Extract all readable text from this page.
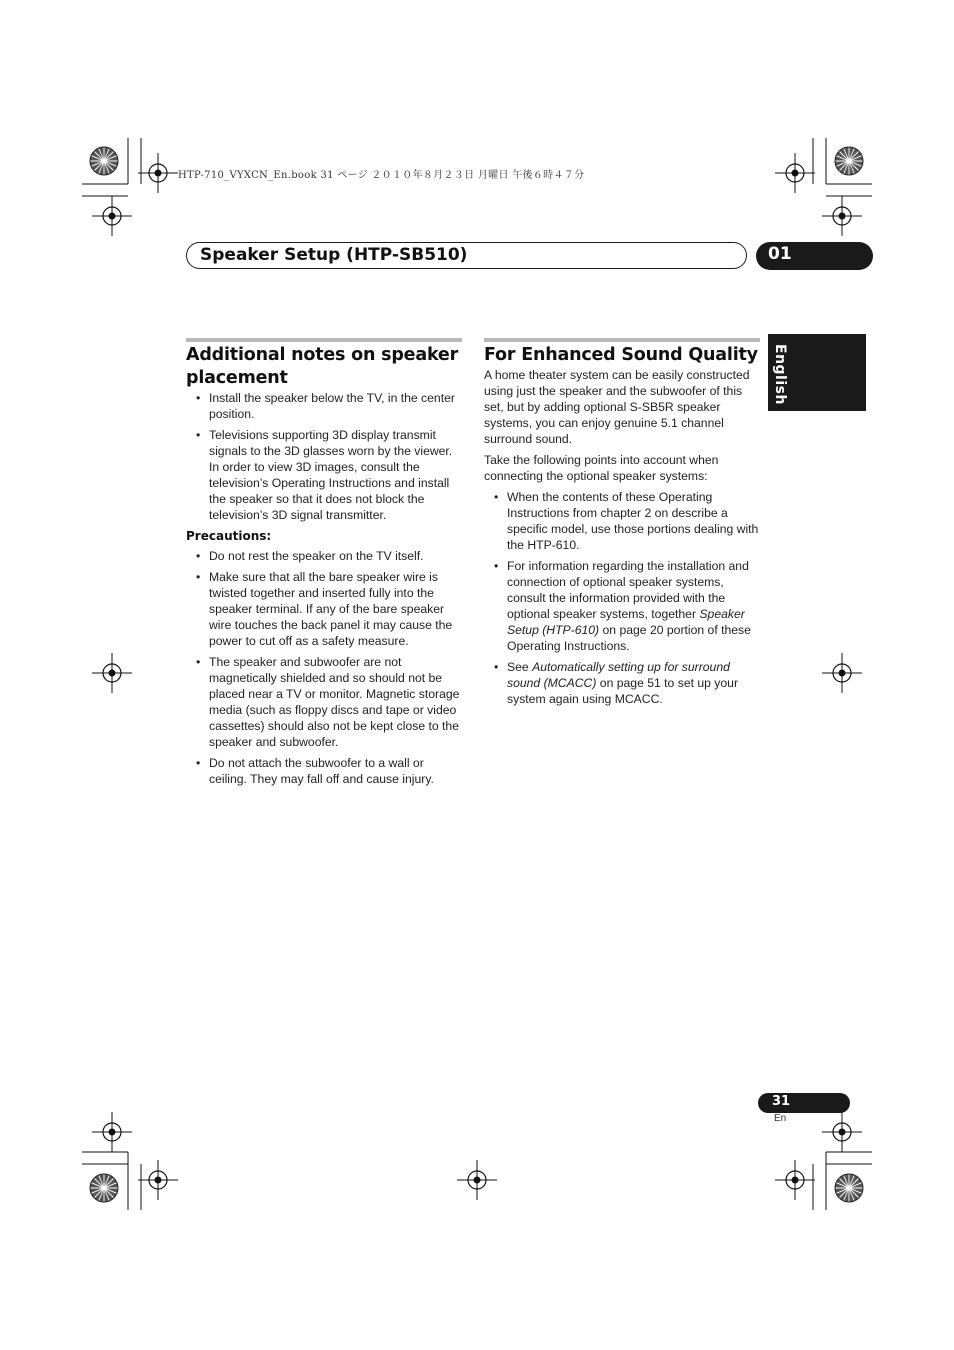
HTP-710_VYXCN_En.book 31 ページ ２０１０年８月２３日 月曜日 午後６時４７分
Speaker Setup (HTP-SB510)	01
English
Additional notes on speaker placement
• Install the speaker below the TV, in the center position.
• Televisions supporting 3D display transmit signals to the 3D glasses worn by the viewer. In order to view 3D images, consult the television’s Operating Instructions and install the speaker so that it does not block the television’s 3D signal transmitter.
Precautions:
• Do not rest the speaker on the TV itself.
• Make sure that all the bare speaker wire is twisted together and inserted fully into the speaker terminal. If any of the bare speaker wire touches the back panel it may cause the power to cut off as a safety measure.
• The speaker and subwoofer are not magnetically shielded and so should not be placed near a TV or monitor. Magnetic storage media (such as floppy discs and tape or video cassettes) should also not be kept close to the speaker and subwoofer.
• Do not attach the subwoofer to a wall or ceiling. They may fall off and cause injury.
For Enhanced Sound Quality

A home theater system can be easily constructed using just the speaker and the subwoofer of this set, but by adding optional S-SB5R speaker systems, you can enjoy genuine 5.1 channel surround sound.

Take the following points into account when connecting the optional speaker systems:

• When the contents of these Operating Instructions from chapter 2 on describe a specific model, use those portions dealing with the HTP-610.
• For information regarding the installation and connection of optional speaker systems, consult the information provided with the optional speaker systems, together Speaker Setup (HTP-610) on page 20 portion of these Operating Instructions.
• See Automatically setting up for surround sound (MCACC) on page 51 to set up your system again using MCACC.
31
En
